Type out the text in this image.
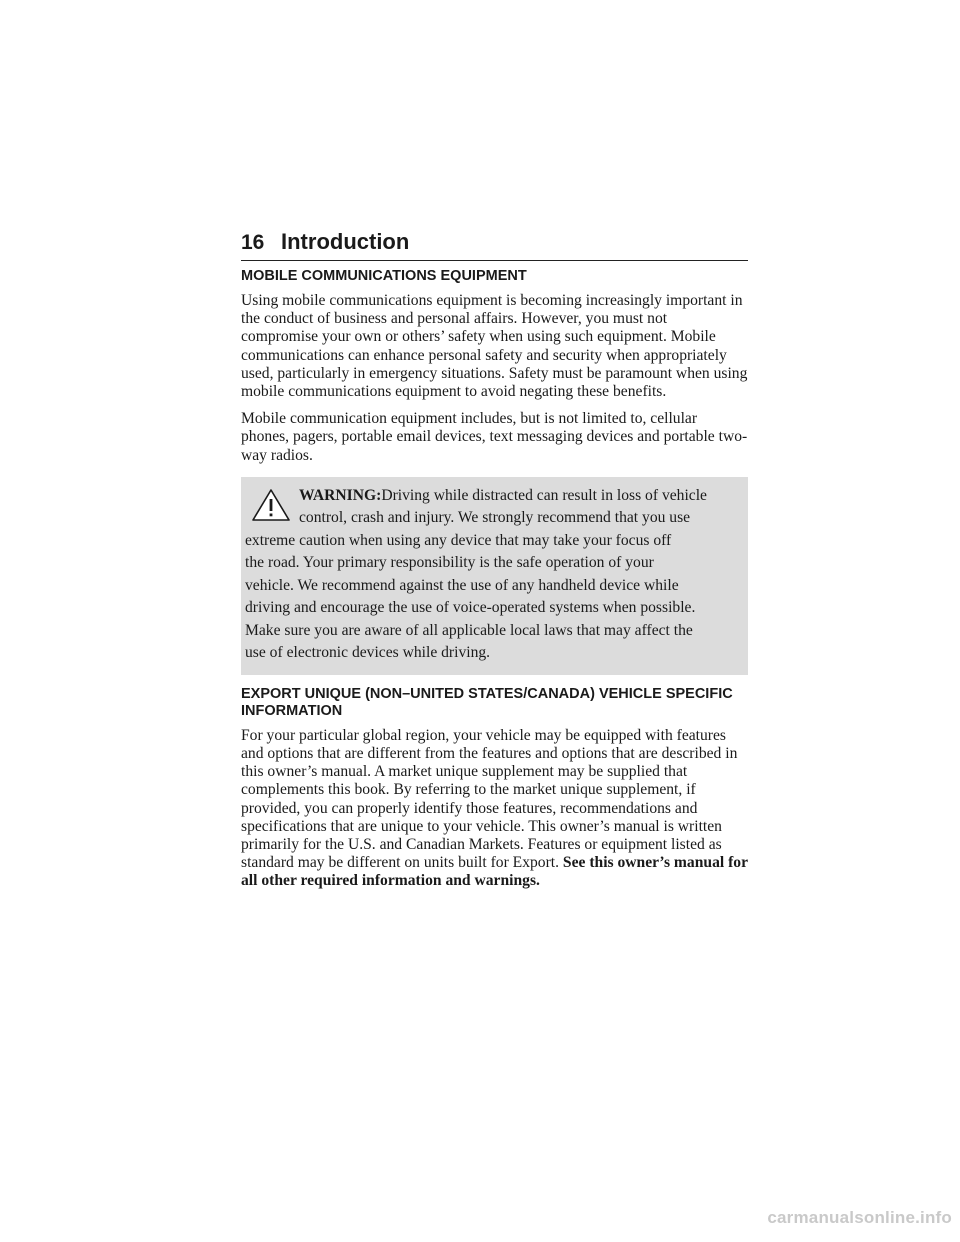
16 Introduction
MOBILE COMMUNICATIONS EQUIPMENT

Using mobile communications equipment is becoming increasingly important in the conduct of business and personal affairs. However, you must not compromise your own or others’ safety when using such equipment. Mobile communications can enhance personal safety and security when appropriately used, particularly in emergency situations. Safety must be paramount when using mobile communications equipment to avoid negating these benefits.

Mobile communication equipment includes, but is not limited to, cellular phones, pagers, portable email devices, text messaging devices and portable two-way radios.

WARNING:Driving while distracted can result in loss of vehicle
control, crash and injury. We strongly recommend that you use
extreme caution when using any device that may take your focus off
the road. Your primary responsibility is the safe operation of your
vehicle. We recommend against the use of any handheld device while
driving and encourage the use of voice-operated systems when possible.
Make sure you are aware of all applicable local laws that may affect the
use of electronic devices while driving.
EXPORT UNIQUE (NON–UNITED STATES/CANADA) VEHICLE SPECIFIC INFORMATION

For your particular global region, your vehicle may be equipped with features and options that are different from the features and options that are described in this owner’s manual. A market unique supplement may be supplied that complements this book. By referring to the market unique supplement, if provided, you can properly identify those features, recommendations and specifications that are unique to your vehicle. This owner’s manual is written primarily for the U.S. and Canadian Markets. Features or equipment listed as standard may be different on units built for Export. See this owner’s manual for all other required information and warnings.

carmanualsonline.info
